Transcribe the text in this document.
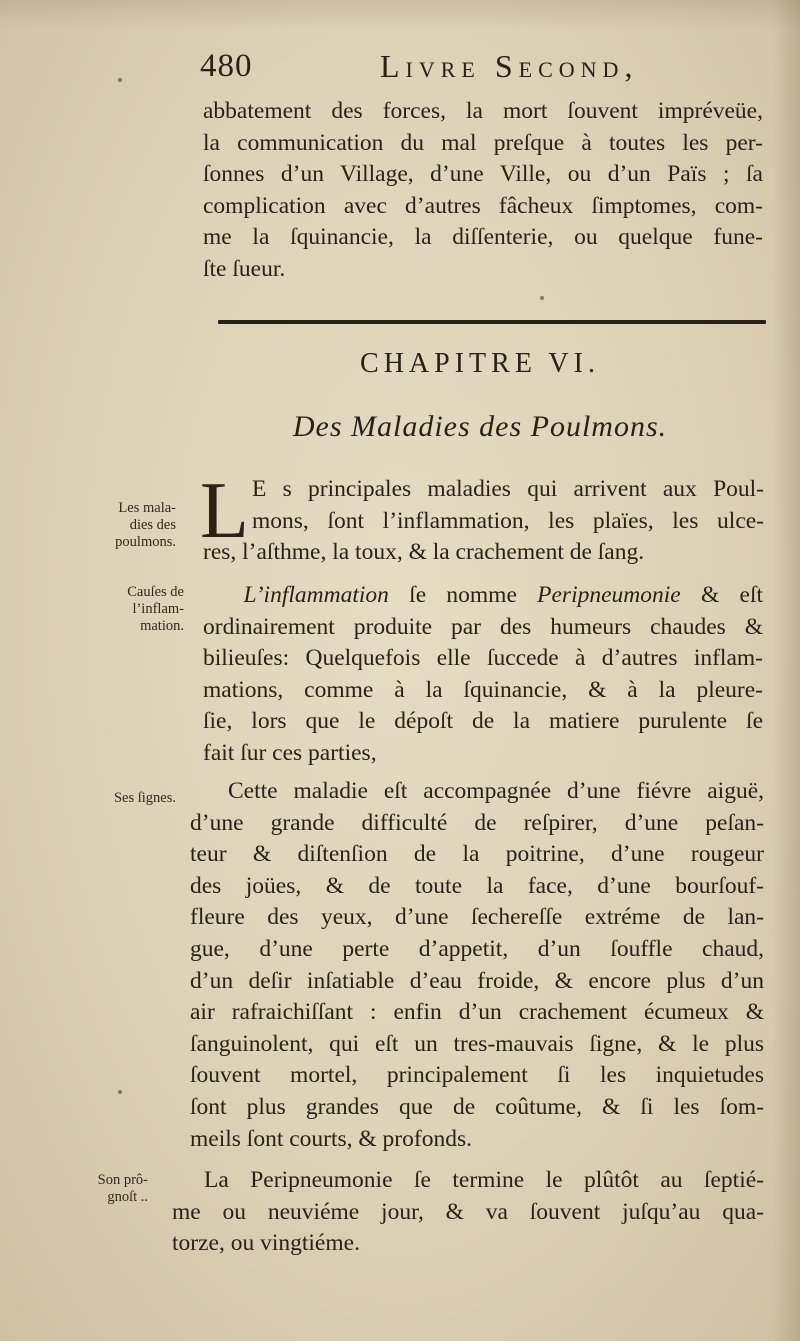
480	Livre Second,
abbatement des forces, la mort ſouvent impréveüe,
la communication du mal preſque à toutes les per-
ſonnes d’un Village, d’une Ville, ou d’un Païs ; ſa
complication avec d’autres fâcheux ſimptomes, com-
me la ſquinancie, la diſſenterie, ou quelque fune-
ſte ſueur.
CHAPITRE VI.
Des Maladies des Poulmons.
L E s principales maladies qui arrivent aux Poul-
mons, ſont l’inflammation, les plaïes, les ulce-
res, l’aſthme, la toux, & la crachement de ſang.
L’inflammation ſe nomme Peripneumonie & eſt
ordinairement produite par des humeurs chaudes &
bilieuſes: Quelquefois elle ſuccede à d’autres inflam-
mations, comme à la ſquinancie, & à la pleure-
ſie, lors que le dépoſt de la matiere purulente ſe
fait ſur ces parties,
Cette maladie eſt accompagnée d’une fiévre aiguë,
d’une grande difficulté de reſpirer, d’une peſan-
teur & diſtenſion de la poitrine, d’une rougeur
des joües, & de toute la face, d’une bourſouf-
fleure des yeux, d’une ſechereſſe extréme de lan-
gue, d’une perte d’appetit, d’un ſouffle chaud,
d’un deſir inſatiable d’eau froide, & encore plus d’un
air rafraichiſſant : enfin d’un crachement écumeux &
ſanguinolent, qui eſt un tres-mauvais ſigne, & le plus
ſouvent mortel, principalement ſi les inquietudes
ſont plus grandes que de coûtume, & ſi les ſom-
meils ſont courts, & profonds.
La Peripneumonie ſe termine le plûtôt au ſeptié-
me ou neuviéme jour, & va ſouvent juſqu’au qua-
torze, ou vingtiéme.
Les mala-
dies des
poulmons.
Cauſes de
l’inflam-
mation.
Ses ſignes.
Son prô-
gnoſt ..
